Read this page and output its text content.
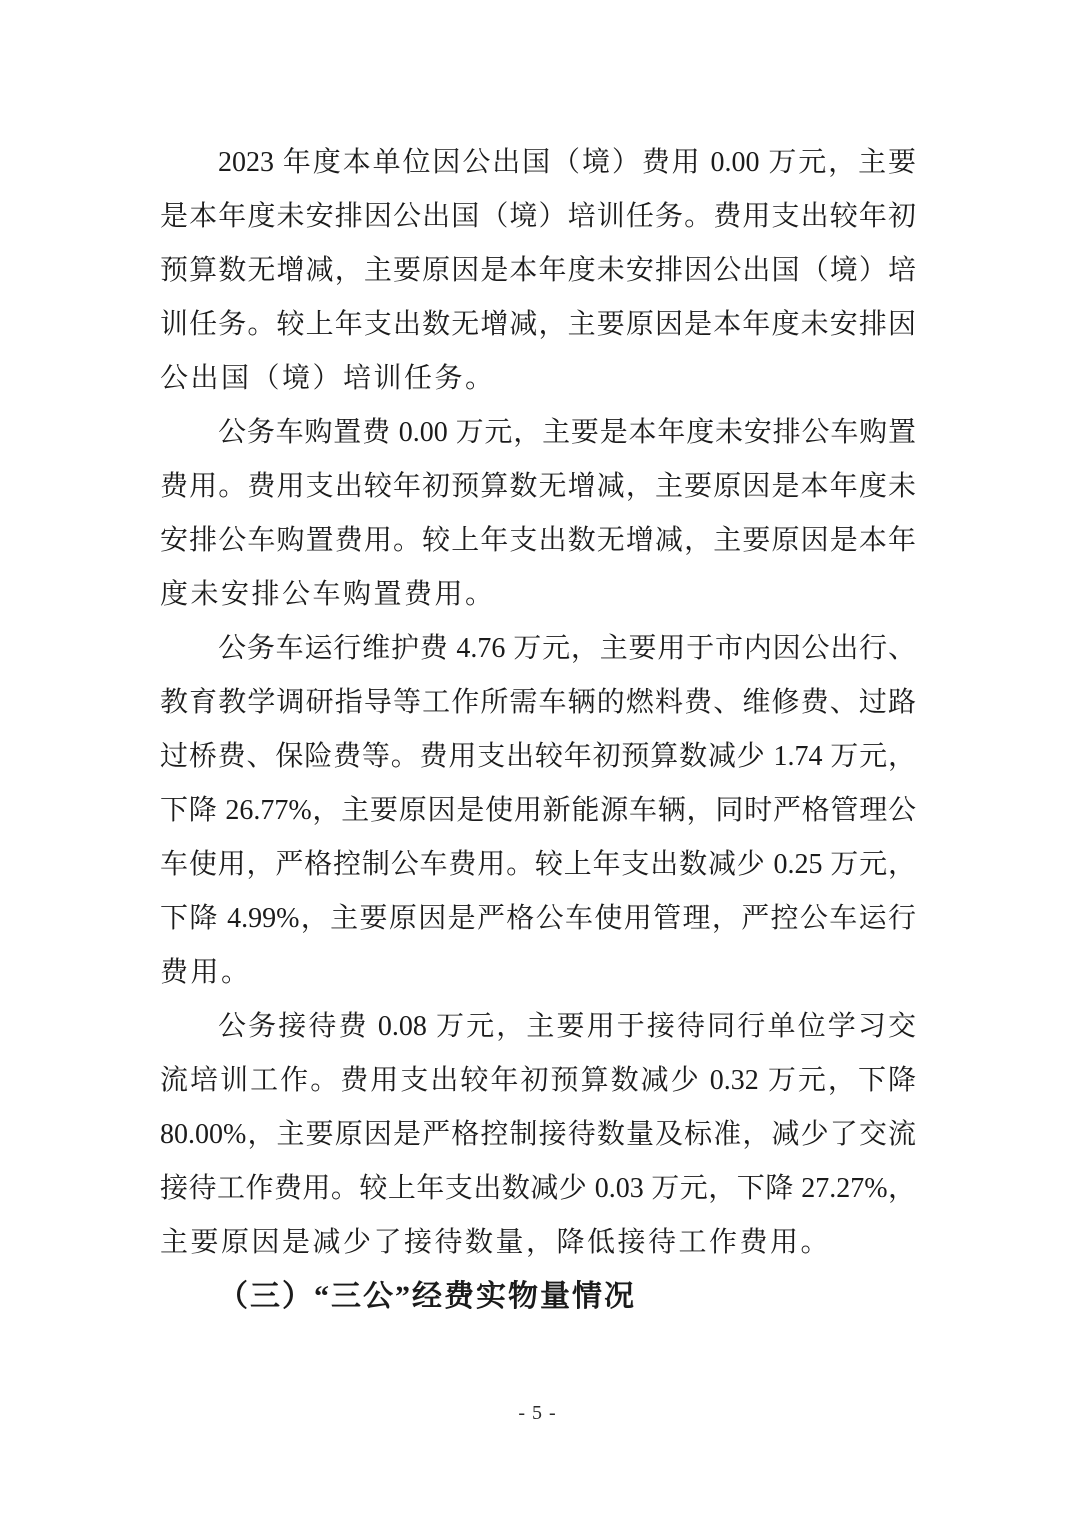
2023 年度本单位因公出国（境）费用 0.00 万元，主要
是本年度未安排因公出国（境）培训任务。费用支出较年初
预算数无增减，主要原因是本年度未安排因公出国（境）培
训任务。较上年支出数无增减，主要原因是本年度未安排因
公出国（境）培训任务。
公务车购置费 0.00 万元，主要是本年度未安排公车购置
费用。费用支出较年初预算数无增减，主要原因是本年度未
安排公车购置费用。较上年支出数无增减，主要原因是本年
度未安排公车购置费用。
公务车运行维护费 4.76 万元，主要用于市内因公出行、
教育教学调研指导等工作所需车辆的燃料费、维修费、过路
过桥费、保险费等。费用支出较年初预算数减少 1.74 万元，
下降 26.77%，主要原因是使用新能源车辆，同时严格管理公
车使用，严格控制公车费用。较上年支出数减少 0.25 万元，
下降 4.99%，主要原因是严格公车使用管理，严控公车运行
费用。
公务接待费 0.08 万元，主要用于接待同行单位学习交
流培训工作。费用支出较年初预算数减少 0.32 万元，下降
80.00%，主要原因是严格控制接待数量及标准，减少了交流
接待工作费用。较上年支出数减少 0.03 万元，下降 27.27%，
主要原因是减少了接待数量，降低接待工作费用。
（三）“三公”经费实物量情况
- 5 -
